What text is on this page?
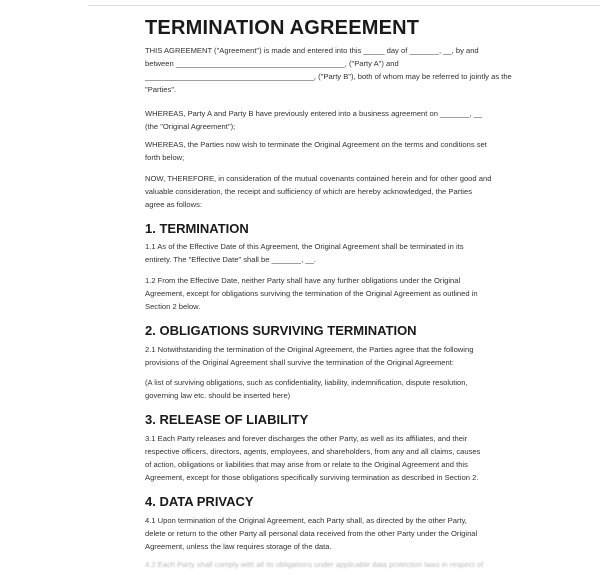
TERMINATION AGREEMENT
THIS AGREEMENT ("Agreement") is made and entered into this _____ day of _______, __, by and
between ________________________________________, ("Party A") and
________________________________________, ("Party B"), both of whom may be referred to jointly as the
"Parties".
WHEREAS, Party A and Party B have previously entered into a business agreement on _______, __
(the "Original Agreement");
WHEREAS, the Parties now wish to terminate the Original Agreement on the terms and conditions set
forth below;
NOW, THEREFORE, in consideration of the mutual covenants contained herein and for other good and
valuable consideration, the receipt and sufficiency of which are hereby acknowledged, the Parties
agree as follows:
1. TERMINATION
1.1 As of the Effective Date of this Agreement, the Original Agreement shall be terminated in its
entirety. The "Effective Date" shall be _______, __.
1.2 From the Effective Date, neither Party shall have any further obligations under the Original
Agreement, except for obligations surviving the termination of the Original Agreement as outlined in
Section 2 below.
2. OBLIGATIONS SURVIVING TERMINATION
2.1 Notwithstanding the termination of the Original Agreement, the Parties agree that the following
provisions of the Original Agreement shall survive the termination of the Original Agreement:
(A list of surviving obligations, such as confidentiality, liability, indemnification, dispute resolution,
governing law etc. should be inserted here)
3. RELEASE OF LIABILITY
3.1 Each Party releases and forever discharges the other Party, as well as its affiliates, and their
respective officers, directors, agents, employees, and shareholders, from any and all claims, causes
of action, obligations or liabilities that may arise from or relate to the Original Agreement and this
Agreement, except for those obligations specifically surviving termination as described in Section 2.
4. DATA PRIVACY
4.1 Upon termination of the Original Agreement, each Party shall, as directed by the other Party,
delete or return to the other Party all personal data received from the other Party under the Original
Agreement, unless the law requires storage of the data.
4.2 Each Party shall comply with all its obligations under applicable data protection laws in respect of
